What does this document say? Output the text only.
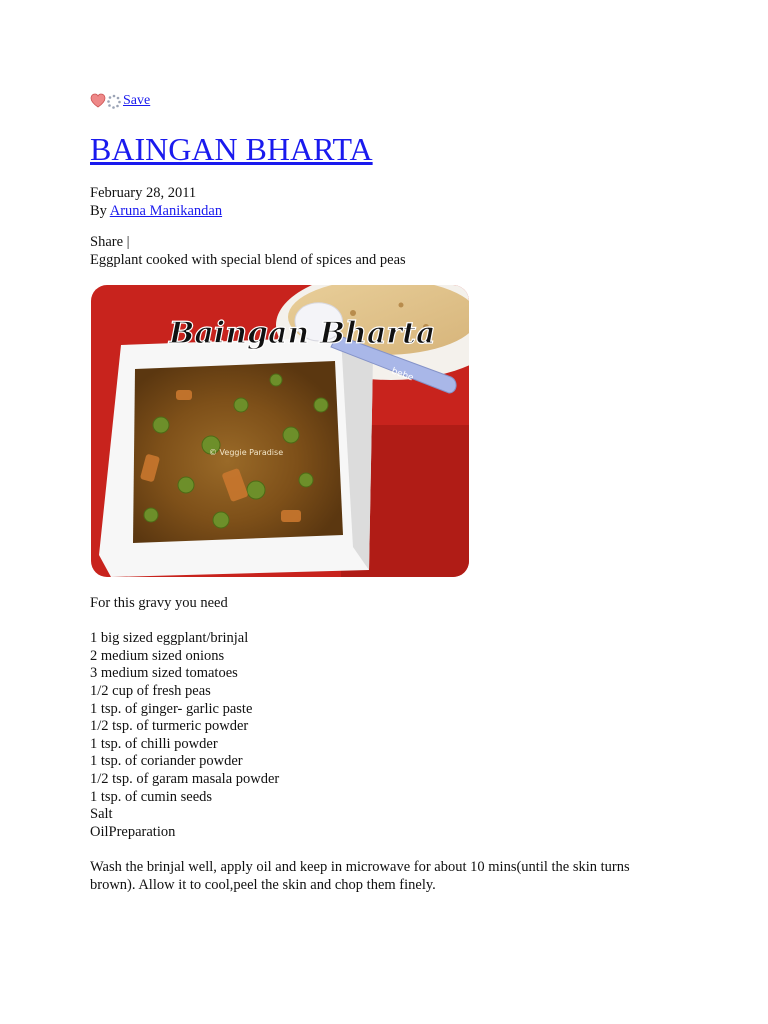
Save
BAINGAN BHARTA
February 28, 2011
By Aruna Manikandan
Share |
Eggplant cooked with special blend of spices and peas
bebe
Baingan Bharta
© Veggie Paradise

For this gravy you need

1 big sized eggplant/brinjal
2 medium sized onions
3 medium sized tomatoes
1/2 cup of fresh peas
1 tsp. of ginger- garlic paste
1/2 tsp. of turmeric powder
1 tsp. of chilli powder
1 tsp. of coriander powder
1/2 tsp. of garam masala powder
1 tsp. of cumin seeds
Salt
OilPreparation

Wash the brinjal well, apply oil and keep in microwave for about 10 mins(until the skin turns brown). Allow it to cool,peel the skin and chop them finely.
